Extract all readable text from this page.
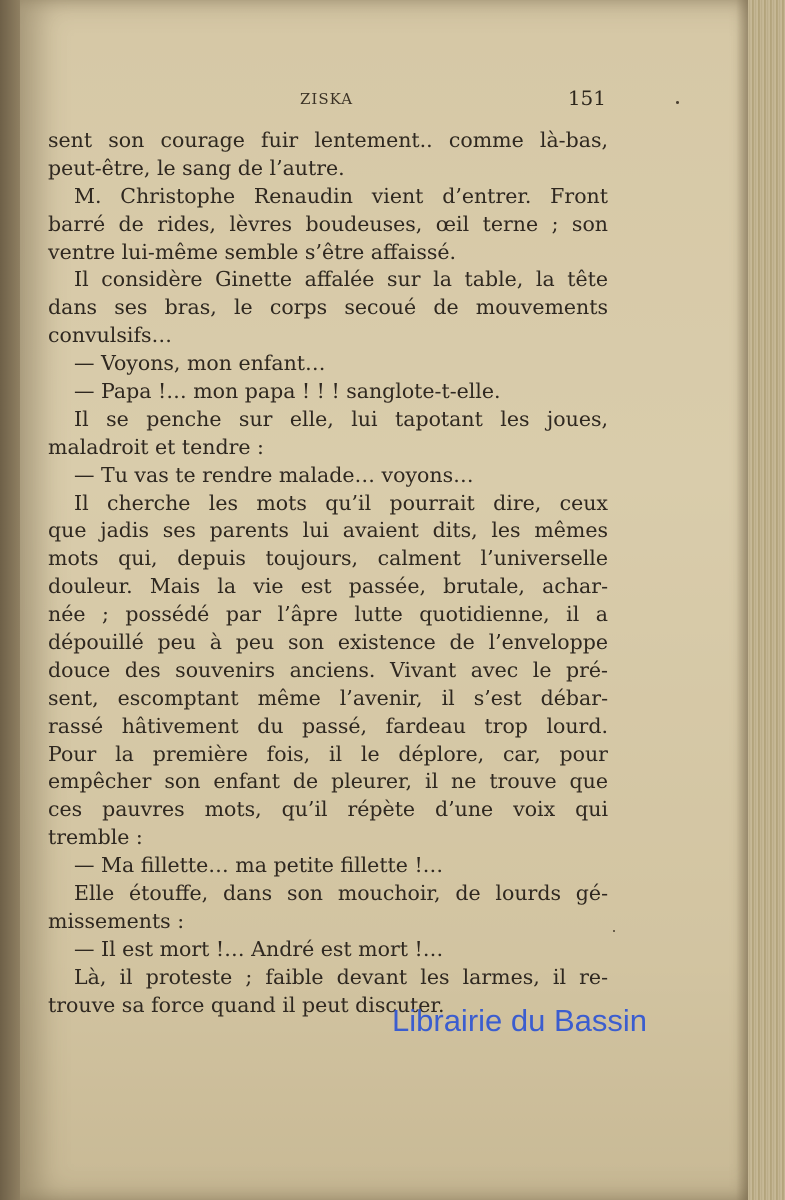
ZISKA	151
sent son courage fuir lentement.. comme là-bas,
peut-être, le sang de l’autre.
M. Christophe Renaudin vient d’entrer. Front
barré de rides, lèvres boudeuses, œil terne ; son
ventre lui-même semble s’être affaissé.
Il considère Ginette affalée sur la table, la tête
dans ses bras, le corps secoué de mouvements
convulsifs…
— Voyons, mon enfant…
— Papa !… mon papa ! ! ! sanglote-t-elle.
Il se penche sur elle, lui tapotant les joues,
maladroit et tendre :
— Tu vas te rendre malade… voyons…
Il cherche les mots qu’il pourrait dire, ceux
que jadis ses parents lui avaient dits, les mêmes
mots qui, depuis toujours, calment l’universelle
douleur. Mais la vie est passée, brutale, achar-
née ; possédé par l’âpre lutte quotidienne, il a
dépouillé peu à peu son existence de l’enveloppe
douce des souvenirs anciens. Vivant avec le pré-
sent, escomptant même l’avenir, il s’est débar-
rassé hâtivement du passé, fardeau trop lourd.
Pour la première fois, il le déplore, car, pour
empêcher son enfant de pleurer, il ne trouve que
ces pauvres mots, qu’il répète d’une voix qui
tremble :
— Ma fillette… ma petite fillette !…
Elle étouffe, dans son mouchoir, de lourds gé-
missements :
— Il est mort !… André est mort !…
Là, il proteste ; faible devant les larmes, il re-
trouve sa force quand il peut discuter.
Librairie du Bassin
